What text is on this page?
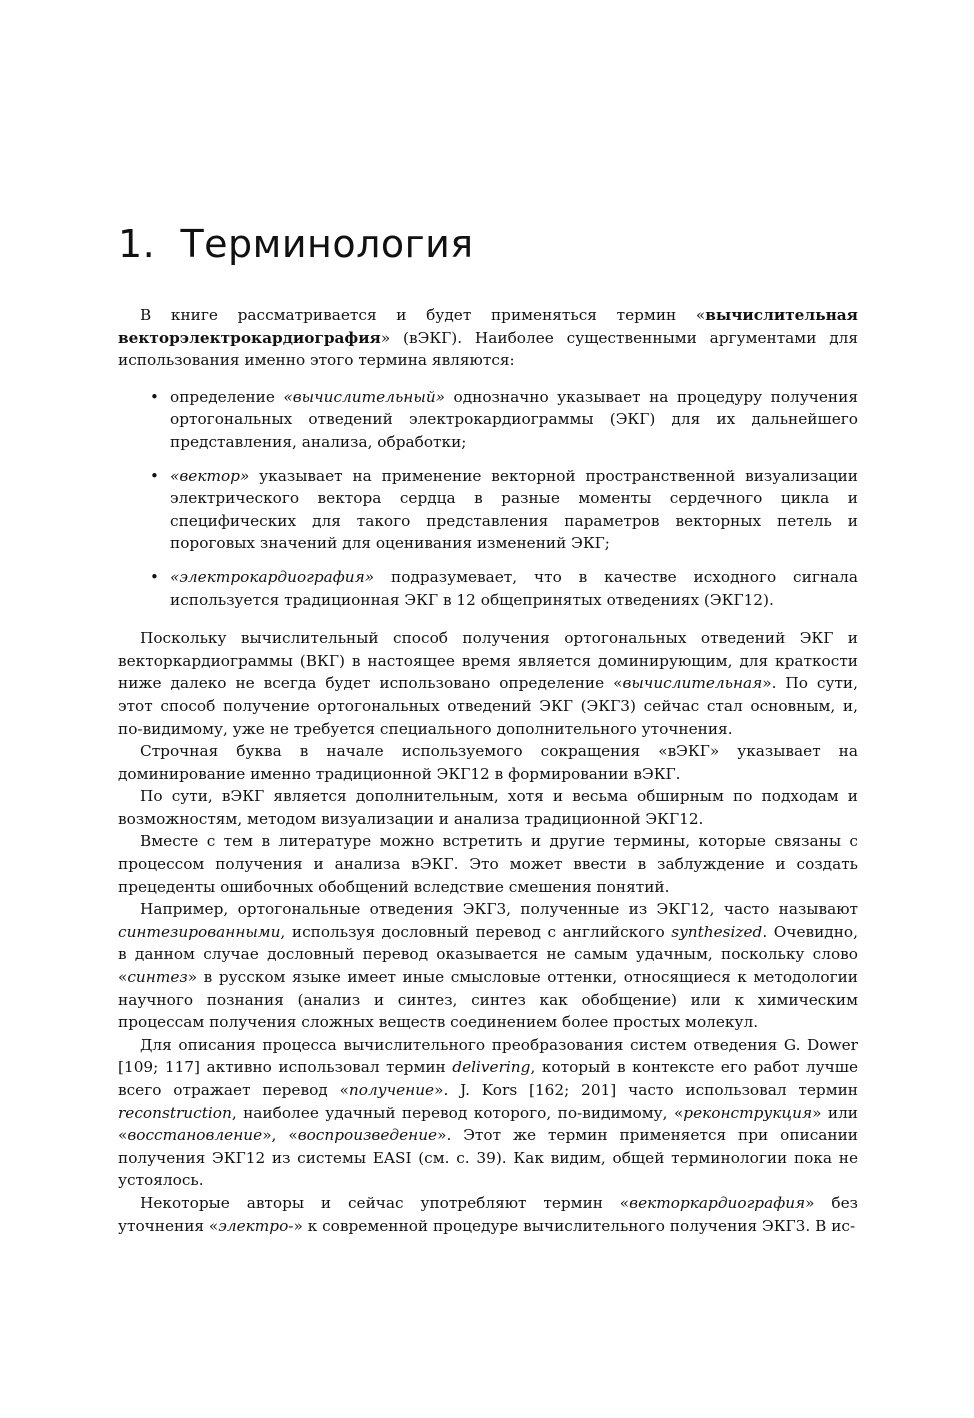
1. Терминология

В книге рассматривается и будет применяться термин «вычислительная векторэлектрокардиография» (вЭКГ). Наиболее существенными аргументами для использования именно этого термина являются:

• определение «вычислительный» однозначно указывает на процедуру получения ортогональных отведений электрокардиограммы (ЭКГ) для их дальнейшего представления, анализа, обработки;
• «вектор» указывает на применение векторной пространственной визуализации электрического вектора сердца в разные моменты сердечного цикла и специфических для такого представления параметров векторных петель и пороговых значений для оценивания изменений ЭКГ;
• «электрокардиография» подразумевает, что в качестве исходного сигнала используется традиционная ЭКГ в 12 общепринятых отведениях (ЭКГ12).

Поскольку вычислительный способ получения ортогональных отведений ЭКГ и векторкардиограммы (ВКГ) в настоящее время является доминирующим, для краткости ниже далеко не всегда будет использовано определение «вычислительная». По сути, этот способ получение ортогональных отведений ЭКГ (ЭКГ3) сейчас стал основным, и, по-видимому, уже не требуется специального дополнительного уточнения.

Строчная буква в начале используемого сокращения «вЭКГ» указывает на доминирование именно традиционной ЭКГ12 в формировании вЭКГ.

По сути, вЭКГ является дополнительным, хотя и весьма обширным по подходам и возможностям, методом визуализации и анализа традиционной ЭКГ12.

Вместе с тем в литературе можно встретить и другие термины, которые связаны с процессом получения и анализа вЭКГ. Это может ввести в заблуждение и создать прецеденты ошибочных обобщений вследствие смешения понятий.

Например, ортогональные отведения ЭКГ3, полученные из ЭКГ12, часто называют синтезированными, используя дословный перевод с английского synthesized. Очевидно, в данном случае дословный перевод оказывается не самым удачным, поскольку слово «синтез» в русском языке имеет иные смысловые оттенки, относящиеся к методологии научного познания (анализ и синтез, синтез как обобщение) или к химическим процессам получения сложных веществ соединением более простых молекул.

Для описания процесса вычислительного преобразования систем отведения G. Dower [109; 117] активно использовал термин delivering, который в контексте его работ лучше всего отражает перевод «получение». J. Kors [162; 201] часто использовал термин reconstruction, наиболее удачный перевод которого, по-видимому, «реконструкция» или «восстановление», «воспроизведение». Этот же термин применяется при описании получения ЭКГ12 из системы EASI (см. с. 39). Как видим, общей терминологии пока не устоялось.

Некоторые авторы и сейчас употребляют термин «векторкардиография» без уточнения «электро-» к современной процедуре вычислительного получения ЭКГ3. В ис-
